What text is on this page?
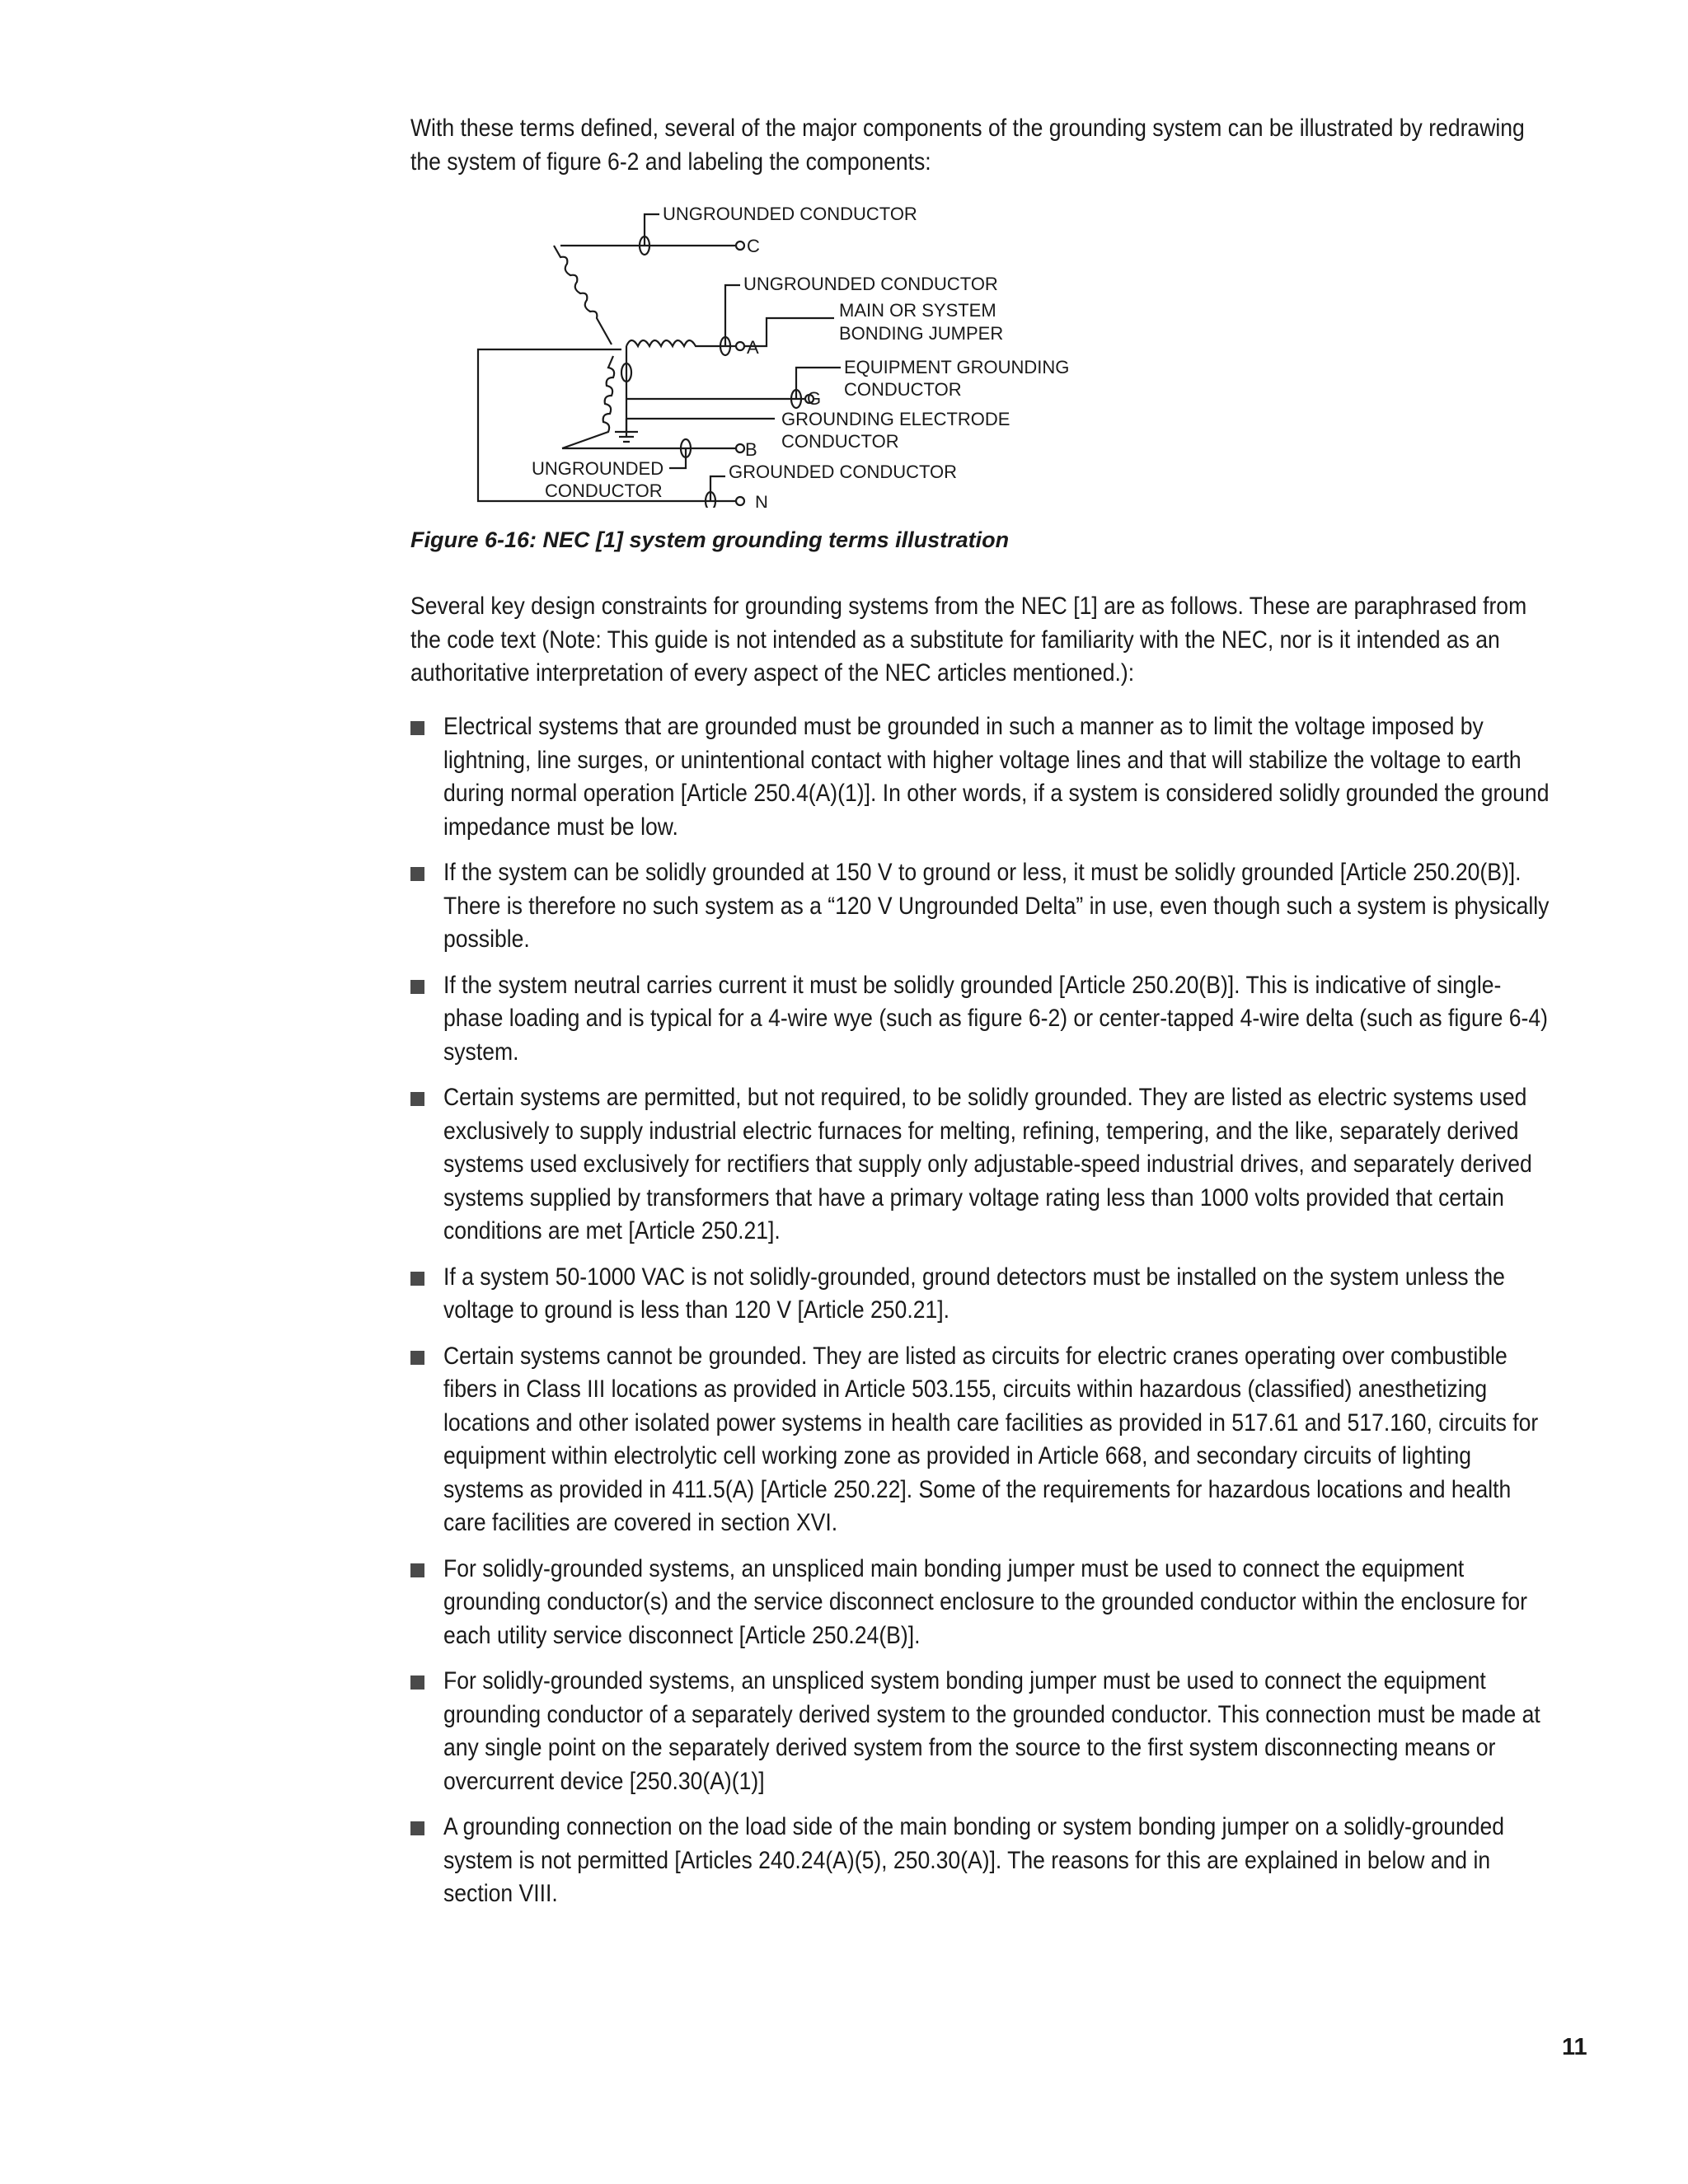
With these terms defined, several of the major components of the grounding system can be illustrated by redrawing the system of figure 6-2 and labeling the components:

UNGROUNDED CONDUCTOR
C
UNGROUNDED CONDUCTOR
MAIN OR SYSTEM
BONDING JUMPER
A
EQUIPMENT GROUNDING
CONDUCTOR
G
GROUNDING ELECTRODE
CONDUCTOR
B
UNGROUNDED
CONDUCTOR
GROUNDED CONDUCTOR
N

Figure 6-16: NEC [1] system grounding terms illustration

Several key design constraints for grounding systems from the NEC [1] are as follows. These are paraphrased from the code text (Note: This guide is not intended as a substitute for familiarity with the NEC, nor is it intended as an authoritative interpretation of every aspect of the NEC articles mentioned.):

Electrical systems that are grounded must be grounded in such a manner as to limit the voltage imposed by lightning, line surges, or unintentional contact with higher voltage lines and that will stabilize the voltage to earth during normal operation [Article 250.4(A)(1)]. In other words, if a system is considered solidly grounded the ground impedance must be low.
If the system can be solidly grounded at 150 V to ground or less, it must be solidly grounded [Article 250.20(B)]. There is therefore no such system as a “120 V Ungrounded Delta” in use, even though such a system is physically possible.
If the system neutral carries current it must be solidly grounded [Article 250.20(B)]. This is indicative of single-phase loading and is typical for a 4-wire wye (such as figure 6-2) or center-tapped 4-wire delta (such as figure 6-4) system.
Certain systems are permitted, but not required, to be solidly grounded. They are listed as electric systems used exclusively to supply industrial electric furnaces for melting, refining, tempering, and the like, separately derived systems used exclusively for rectifiers that supply only adjustable-speed industrial drives, and separately derived systems supplied by transformers that have a primary voltage rating less than 1000 volts provided that certain conditions are met [Article 250.21].
If a system 50-1000 VAC is not solidly-grounded, ground detectors must be installed on the system unless the voltage to ground is less than 120 V [Article 250.21].
Certain systems cannot be grounded. They are listed as circuits for electric cranes operating over combustible fibers in Class III locations as provided in Article 503.155, circuits within hazardous (classified) anesthetizing locations and other isolated power systems in health care facilities as provided in 517.61 and 517.160, circuits for equipment within electrolytic cell working zone as provided in Article 668, and secondary circuits of lighting systems as provided in 411.5(A) [Article 250.22]. Some of the requirements for hazardous locations and health care facilities are covered in section XVI.
For solidly-grounded systems, an unspliced main bonding jumper must be used to connect the equipment grounding conductor(s) and the service disconnect enclosure to the grounded conductor within the enclosure for each utility service disconnect [Article 250.24(B)].
For solidly-grounded systems, an unspliced system bonding jumper must be used to connect the equipment grounding conductor of a separately derived system to the grounded conductor. This connection must be made at any single point on the separately derived system from the source to the first system disconnecting means or overcurrent device [250.30(A)(1)]
A grounding connection on the load side of the main bonding or system bonding jumper on a solidly-grounded system is not permitted [Articles 240.24(A)(5), 250.30(A)]. The reasons for this are explained in below and in section VIII.

11
